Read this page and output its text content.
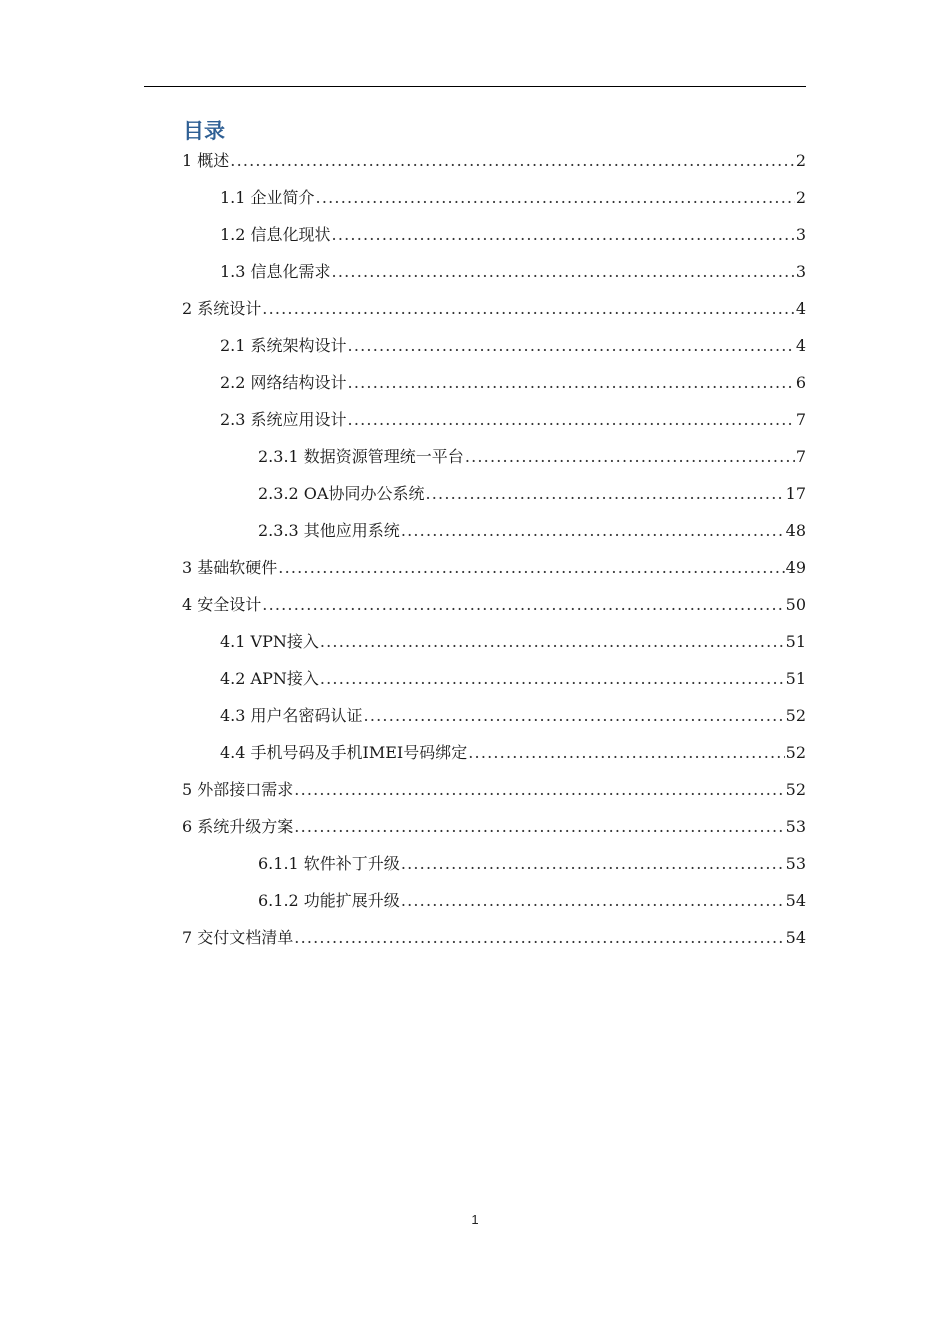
目录
1 概述 .....	2
1.1 企业简介 .....	2
1.2 信息化现状 .....	3
1.3 信息化需求 .....	3
2 系统设计 .....	4
2.1 系统架构设计 .....	4
2.2 网络结构设计 .....	6
2.3 系统应用设计 .....	7
2.3.1 数据资源管理统一平台 .....	7
2.3.2 OA协同办公系统 .....	17
2.3.3 其他应用系统 .....	48
3 基础软硬件 .....	49
4 安全设计 .....	50
4.1 VPN接入 .....	51
4.2 APN接入 .....	51
4.3 用户名密码认证 .....	52
4.4 手机号码及手机IMEI号码绑定 .....	52
5 外部接口需求 .....	52
6 系统升级方案 .....	53
6.1.1 软件补丁升级 .....	53
6.1.2 功能扩展升级 .....	54
7 交付文档清单 .....	54
1
